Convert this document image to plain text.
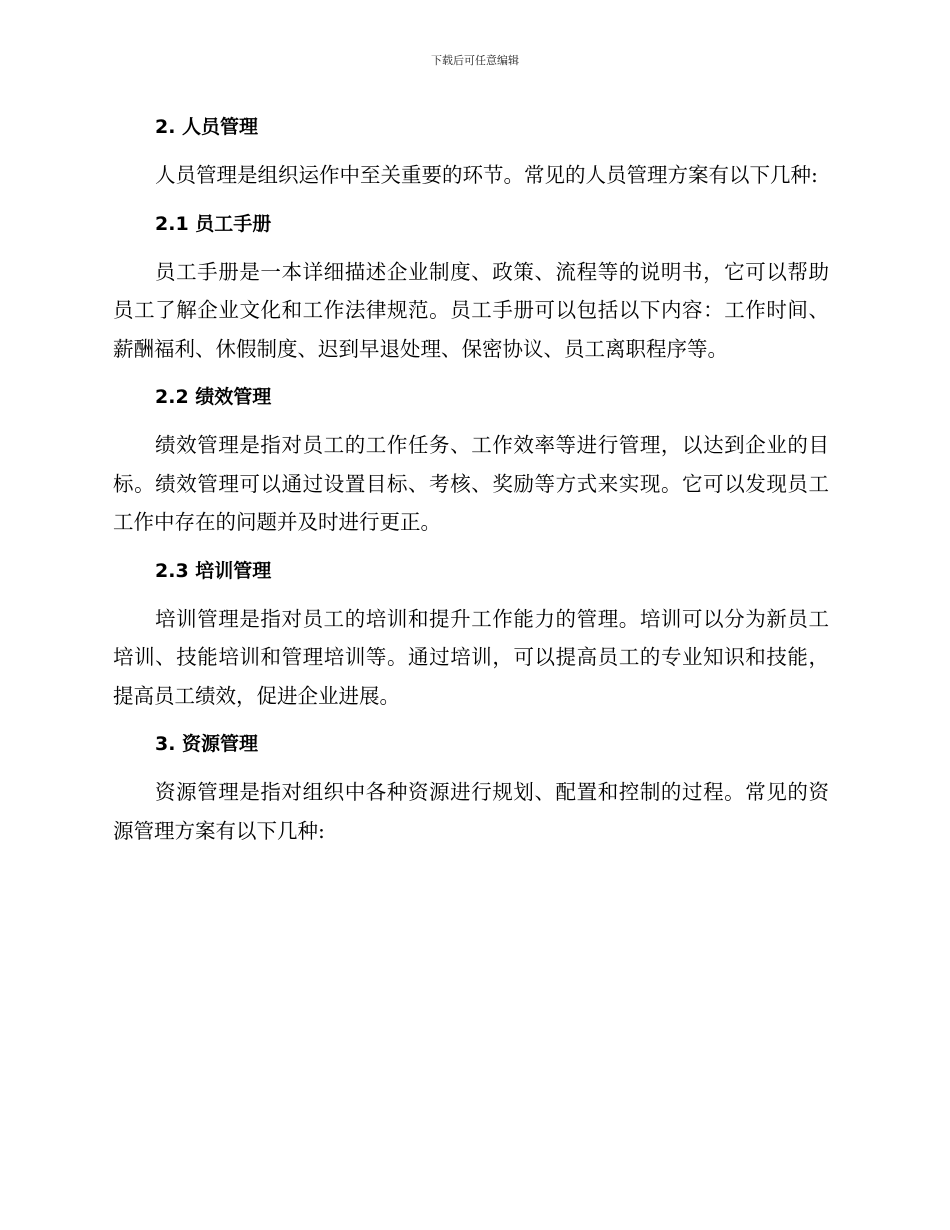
下载后可任意编辑
2. 人员管理

人员管理是组织运作中至关重要的环节。常见的人员管理方案有以下几种:

2.1 员工手册

员工手册是一本详细描述企业制度、政策、流程等的说明书，它可以帮助员工了解企业文化和工作法律规范。员工手册可以包括以下内容：工作时间、薪酬福利、休假制度、迟到早退处理、保密协议、员工离职程序等。

2.2 绩效管理

绩效管理是指对员工的工作任务、工作效率等进行管理，以达到企业的目标。绩效管理可以通过设置目标、考核、奖励等方式来实现。它可以发现员工工作中存在的问题并及时进行更正。

2.3 培训管理

培训管理是指对员工的培训和提升工作能力的管理。培训可以分为新员工培训、技能培训和管理培训等。通过培训，可以提高员工的专业知识和技能，提高员工绩效，促进企业进展。

3. 资源管理

资源管理是指对组织中各种资源进行规划、配置和控制的过程。常见的资源管理方案有以下几种:
